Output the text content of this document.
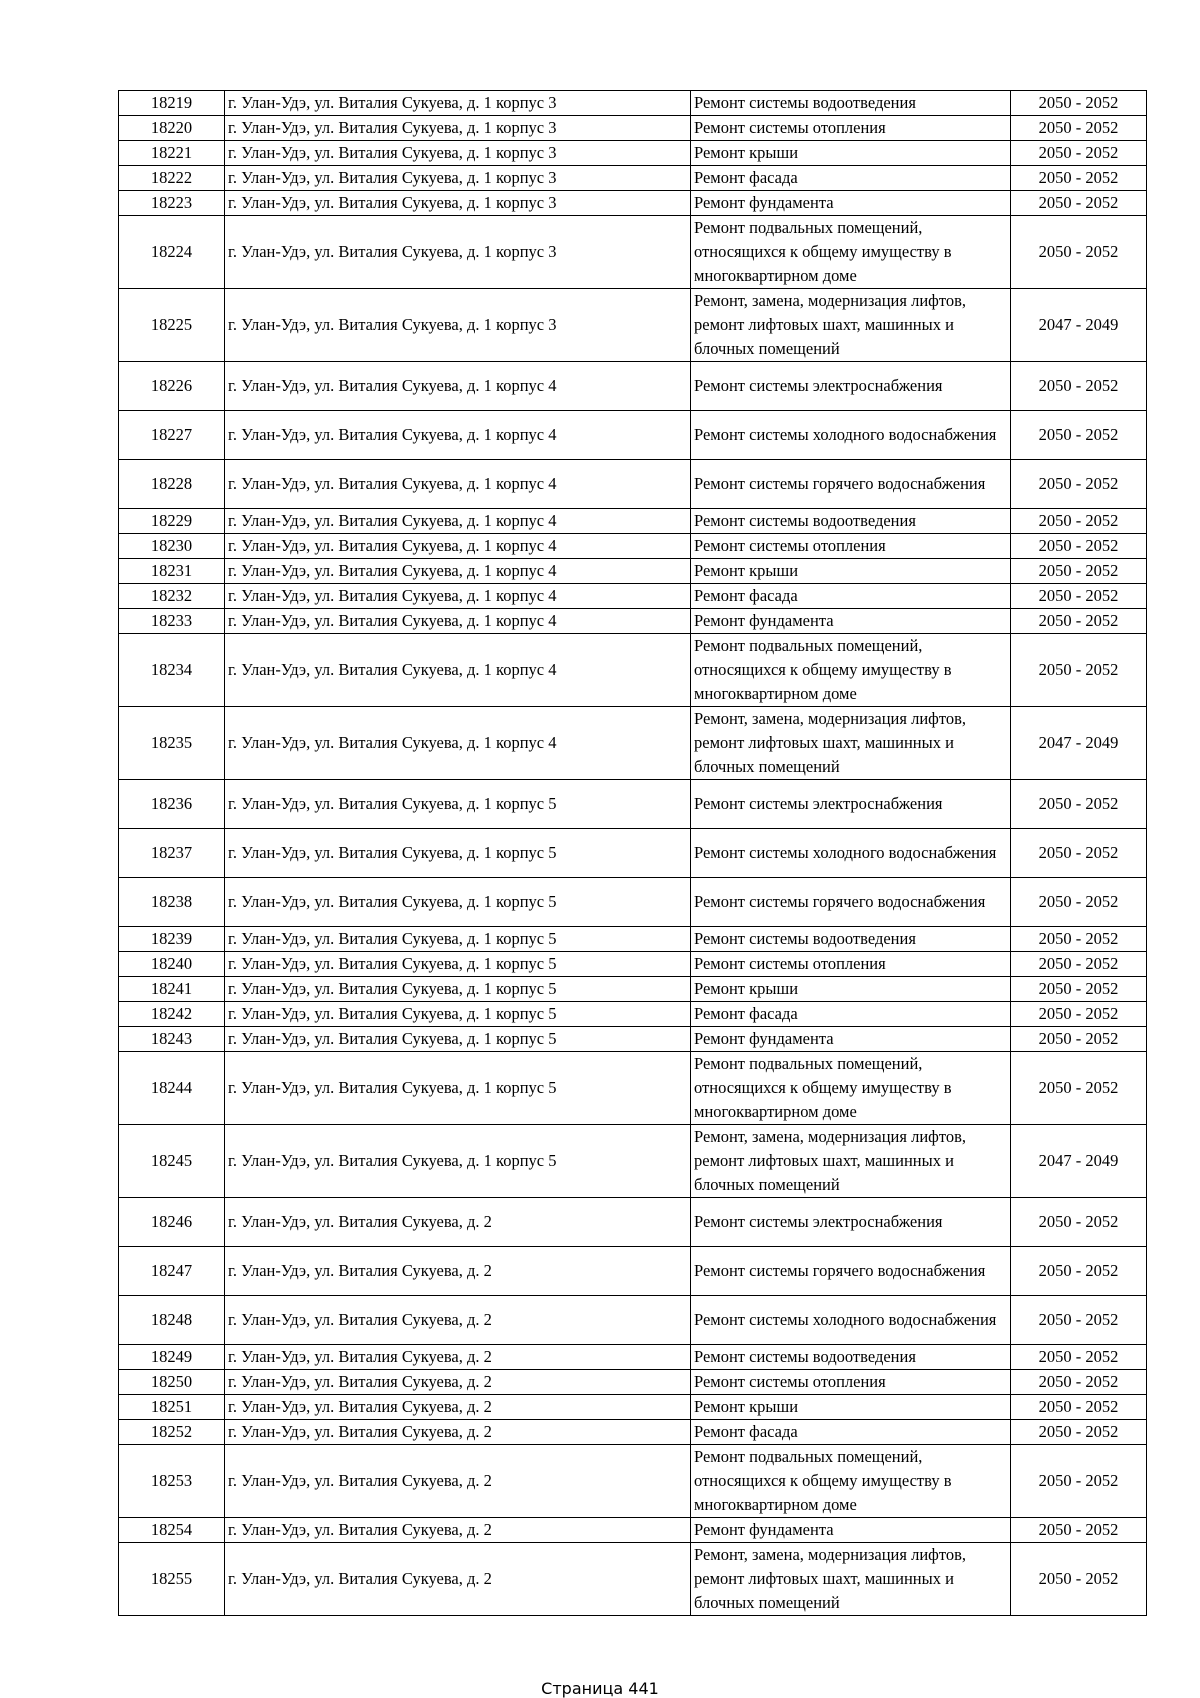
18219	г. Улан-Удэ, ул. Виталия Сукуева, д. 1 корпус 3	Ремонт системы водоотведения	2050 - 2052
18220	г. Улан-Удэ, ул. Виталия Сукуева, д. 1 корпус 3	Ремонт системы отопления	2050 - 2052
18221	г. Улан-Удэ, ул. Виталия Сукуева, д. 1 корпус 3	Ремонт крыши	2050 - 2052
18222	г. Улан-Удэ, ул. Виталия Сукуева, д. 1 корпус 3	Ремонт фасада	2050 - 2052
18223	г. Улан-Удэ, ул. Виталия Сукуева, д. 1 корпус 3	Ремонт фундамента	2050 - 2052
18224	г. Улан-Удэ, ул. Виталия Сукуева, д. 1 корпус 3	Ремонт подвальных помещений, относящихся к общему имуществу в многоквартирном доме	2050 - 2052
18225	г. Улан-Удэ, ул. Виталия Сукуева, д. 1 корпус 3	Ремонт, замена, модернизация лифтов, ремонт лифтовых шахт, машинных и блочных помещений	2047 - 2049
18226	г. Улан-Удэ, ул. Виталия Сукуева, д. 1 корпус 4	Ремонт системы электроснабжения	2050 - 2052
18227	г. Улан-Удэ, ул. Виталия Сукуева, д. 1 корпус 4	Ремонт системы холодного водоснабжения	2050 - 2052
18228	г. Улан-Удэ, ул. Виталия Сукуева, д. 1 корпус 4	Ремонт системы горячего водоснабжения	2050 - 2052
18229	г. Улан-Удэ, ул. Виталия Сукуева, д. 1 корпус 4	Ремонт системы водоотведения	2050 - 2052
18230	г. Улан-Удэ, ул. Виталия Сукуева, д. 1 корпус 4	Ремонт системы отопления	2050 - 2052
18231	г. Улан-Удэ, ул. Виталия Сукуева, д. 1 корпус 4	Ремонт крыши	2050 - 2052
18232	г. Улан-Удэ, ул. Виталия Сукуева, д. 1 корпус 4	Ремонт фасада	2050 - 2052
18233	г. Улан-Удэ, ул. Виталия Сукуева, д. 1 корпус 4	Ремонт фундамента	2050 - 2052
18234	г. Улан-Удэ, ул. Виталия Сукуева, д. 1 корпус 4	Ремонт подвальных помещений, относящихся к общему имуществу в многоквартирном доме	2050 - 2052
18235	г. Улан-Удэ, ул. Виталия Сукуева, д. 1 корпус 4	Ремонт, замена, модернизация лифтов, ремонт лифтовых шахт, машинных и блочных помещений	2047 - 2049
18236	г. Улан-Удэ, ул. Виталия Сукуева, д. 1 корпус 5	Ремонт системы электроснабжения	2050 - 2052
18237	г. Улан-Удэ, ул. Виталия Сукуева, д. 1 корпус 5	Ремонт системы холодного водоснабжения	2050 - 2052
18238	г. Улан-Удэ, ул. Виталия Сукуева, д. 1 корпус 5	Ремонт системы горячего водоснабжения	2050 - 2052
18239	г. Улан-Удэ, ул. Виталия Сукуева, д. 1 корпус 5	Ремонт системы водоотведения	2050 - 2052
18240	г. Улан-Удэ, ул. Виталия Сукуева, д. 1 корпус 5	Ремонт системы отопления	2050 - 2052
18241	г. Улан-Удэ, ул. Виталия Сукуева, д. 1 корпус 5	Ремонт крыши	2050 - 2052
18242	г. Улан-Удэ, ул. Виталия Сукуева, д. 1 корпус 5	Ремонт фасада	2050 - 2052
18243	г. Улан-Удэ, ул. Виталия Сукуева, д. 1 корпус 5	Ремонт фундамента	2050 - 2052
18244	г. Улан-Удэ, ул. Виталия Сукуева, д. 1 корпус 5	Ремонт подвальных помещений, относящихся к общему имуществу в многоквартирном доме	2050 - 2052
18245	г. Улан-Удэ, ул. Виталия Сукуева, д. 1 корпус 5	Ремонт, замена, модернизация лифтов, ремонт лифтовых шахт, машинных и блочных помещений	2047 - 2049
18246	г. Улан-Удэ, ул. Виталия Сукуева, д. 2	Ремонт системы электроснабжения	2050 - 2052
18247	г. Улан-Удэ, ул. Виталия Сукуева, д. 2	Ремонт системы горячего водоснабжения	2050 - 2052
18248	г. Улан-Удэ, ул. Виталия Сукуева, д. 2	Ремонт системы холодного водоснабжения	2050 - 2052
18249	г. Улан-Удэ, ул. Виталия Сукуева, д. 2	Ремонт системы водоотведения	2050 - 2052
18250	г. Улан-Удэ, ул. Виталия Сукуева, д. 2	Ремонт системы отопления	2050 - 2052
18251	г. Улан-Удэ, ул. Виталия Сукуева, д. 2	Ремонт крыши	2050 - 2052
18252	г. Улан-Удэ, ул. Виталия Сукуева, д. 2	Ремонт фасада	2050 - 2052
18253	г. Улан-Удэ, ул. Виталия Сукуева, д. 2	Ремонт подвальных помещений, относящихся к общему имуществу в многоквартирном доме	2050 - 2052
18254	г. Улан-Удэ, ул. Виталия Сукуева, д. 2	Ремонт фундамента	2050 - 2052
18255	г. Улан-Удэ, ул. Виталия Сукуева, д. 2	Ремонт, замена, модернизация лифтов, ремонт лифтовых шахт, машинных и блочных помещений	2050 - 2052
Страница 441
